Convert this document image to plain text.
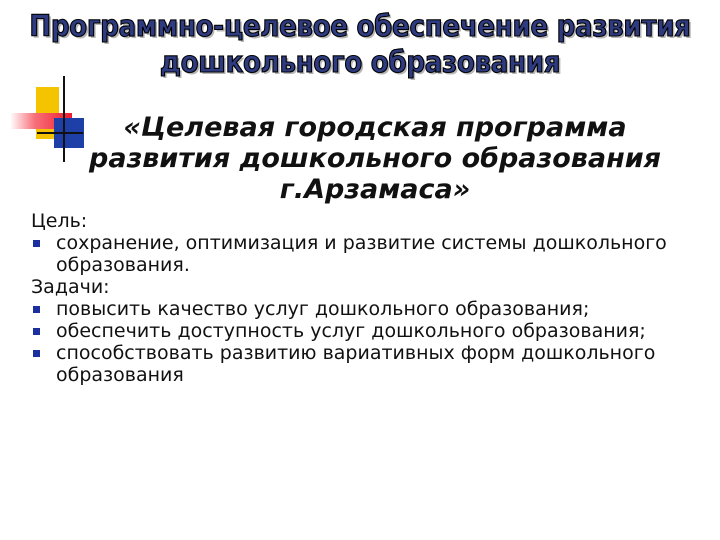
Программно-целевое обеспечение развития дошкольного образования
«Целевая городская программа развития дошкольного образования г.Арзамаса»

Цель:

сохранение, оптимизация и развитие системы дошкольного образования.

Задачи:

повысить качество услуг дошкольного образования;
обеспечить доступность услуг дошкольного образования;
способствовать развитию вариативных форм дошкольного образования
